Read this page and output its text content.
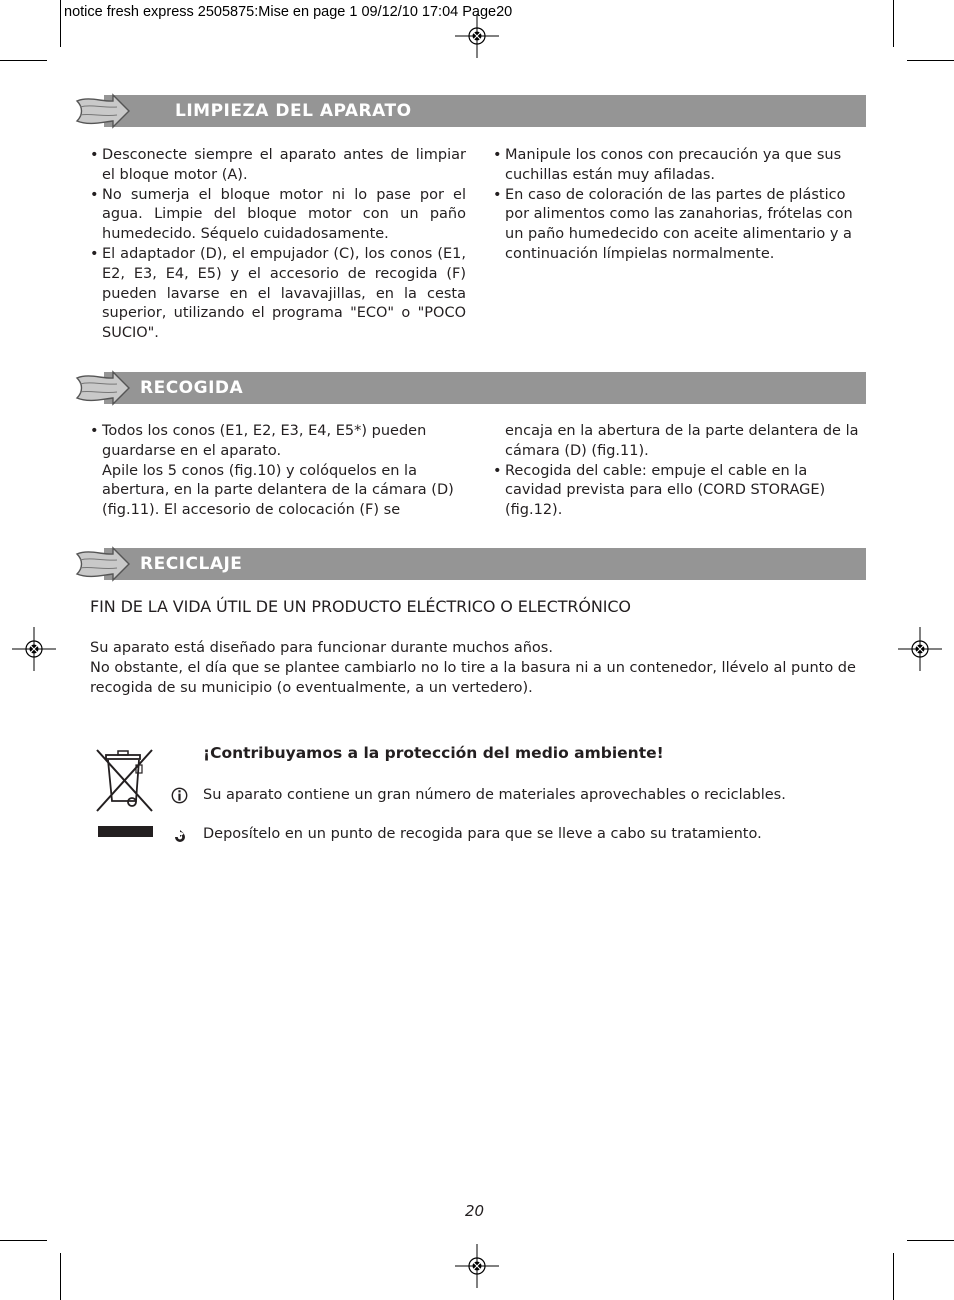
notice fresh express 2505875:Mise en page 1 09/12/10 17:04 Page20
LIMPIEZA DEL APARATO
• Desconecte siempre el aparato antes de limpiar el bloque motor (A).
• No sumerja el bloque motor ni lo pase por el agua. Limpie del bloque motor con un paño humedecido. Séquelo cuidadosamente.
• El adaptador (D), el empujador (C), los conos (E1, E2, E3, E4, E5) y el accesorio de recogida (F) pueden lavarse en el lavavajillas, en la cesta superior, utilizando el programa "ECO" o "POCO SUCIO".
• Manipule los conos con precaución ya que sus cuchillas están muy afiladas.
• En caso de coloración de las partes de plástico por alimentos como las zanahorias, frótelas con un paño humedecido con aceite alimentario y a continuación límpielas normalmente.
RECOGIDA
• Todos los conos (E1, E2, E3, E4, E5*) pueden guardarse en el aparato.
Apile los 5 conos (fig.10) y colóquelos en la abertura, en la parte delantera de la cámara (D) (fig.11). El accesorio de colocación (F) se
encaja en la abertura de la parte delantera de la cámara (D) (fig.11).
• Recogida del cable: empuje el cable en la cavidad prevista para ello (CORD STORAGE) (fig.12).
RECICLAJE
FIN DE LA VIDA ÚTIL DE UN PRODUCTO ELÉCTRICO O ELECTRÓNICO
Su aparato está diseñado para funcionar durante muchos años.
No obstante, el día que se plantee cambiarlo no lo tire a la basura ni a un contenedor, llévelo al punto de recogida de su municipio (o eventualmente, a un vertedero).
¡Contribuyamos a la protección del medio ambiente!
Su aparato contiene un gran número de materiales aprovechables o reciclables.
Deposítelo en un punto de recogida para que se lleve a cabo su tratamiento.
20
